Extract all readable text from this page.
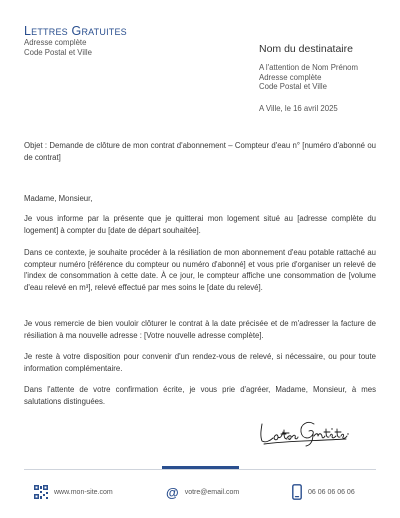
Lettres Gratuites
Adresse complète
Code Postal et Ville	Nom du destinataire
A l'attention de Nom Prénom
Adresse complète
Code Postal et Ville
A Ville, le 16 avril 2025
Objet : Demande de clôture de mon contrat d'abonnement – Compteur d'eau n° [numéro d'abonné ou de contrat]
Madame, Monsieur,
Je vous informe par la présente que je quitterai mon logement situé au [adresse complète du logement] à compter du [date de départ souhaitée].
Dans ce contexte, je souhaite procéder à la résiliation de mon abonnement d'eau potable rattaché au compteur numéro [référence du compteur ou numéro d'abonné] et vous prie d'organiser un relevé de l'index de consommation à cette date. À ce jour, le compteur affiche une consommation de [volume d'eau relevé en m³], relevé effectué par mes soins le [date du relevé].
Je vous remercie de bien vouloir clôturer le contrat à la date précisée et de m'adresser la facture de résiliation à ma nouvelle adresse : [Votre nouvelle adresse complète].
Je reste à votre disposition pour convenir d'un rendez-vous de relevé, si nécessaire, ou pour toute information complémentaire.
Dans l'attente de votre confirmation écrite, je vous prie d'agréer, Madame, Monsieur, à mes salutations distinguées.
www.mon-site.com	@ votre@email.com	06 06 06 06 06
